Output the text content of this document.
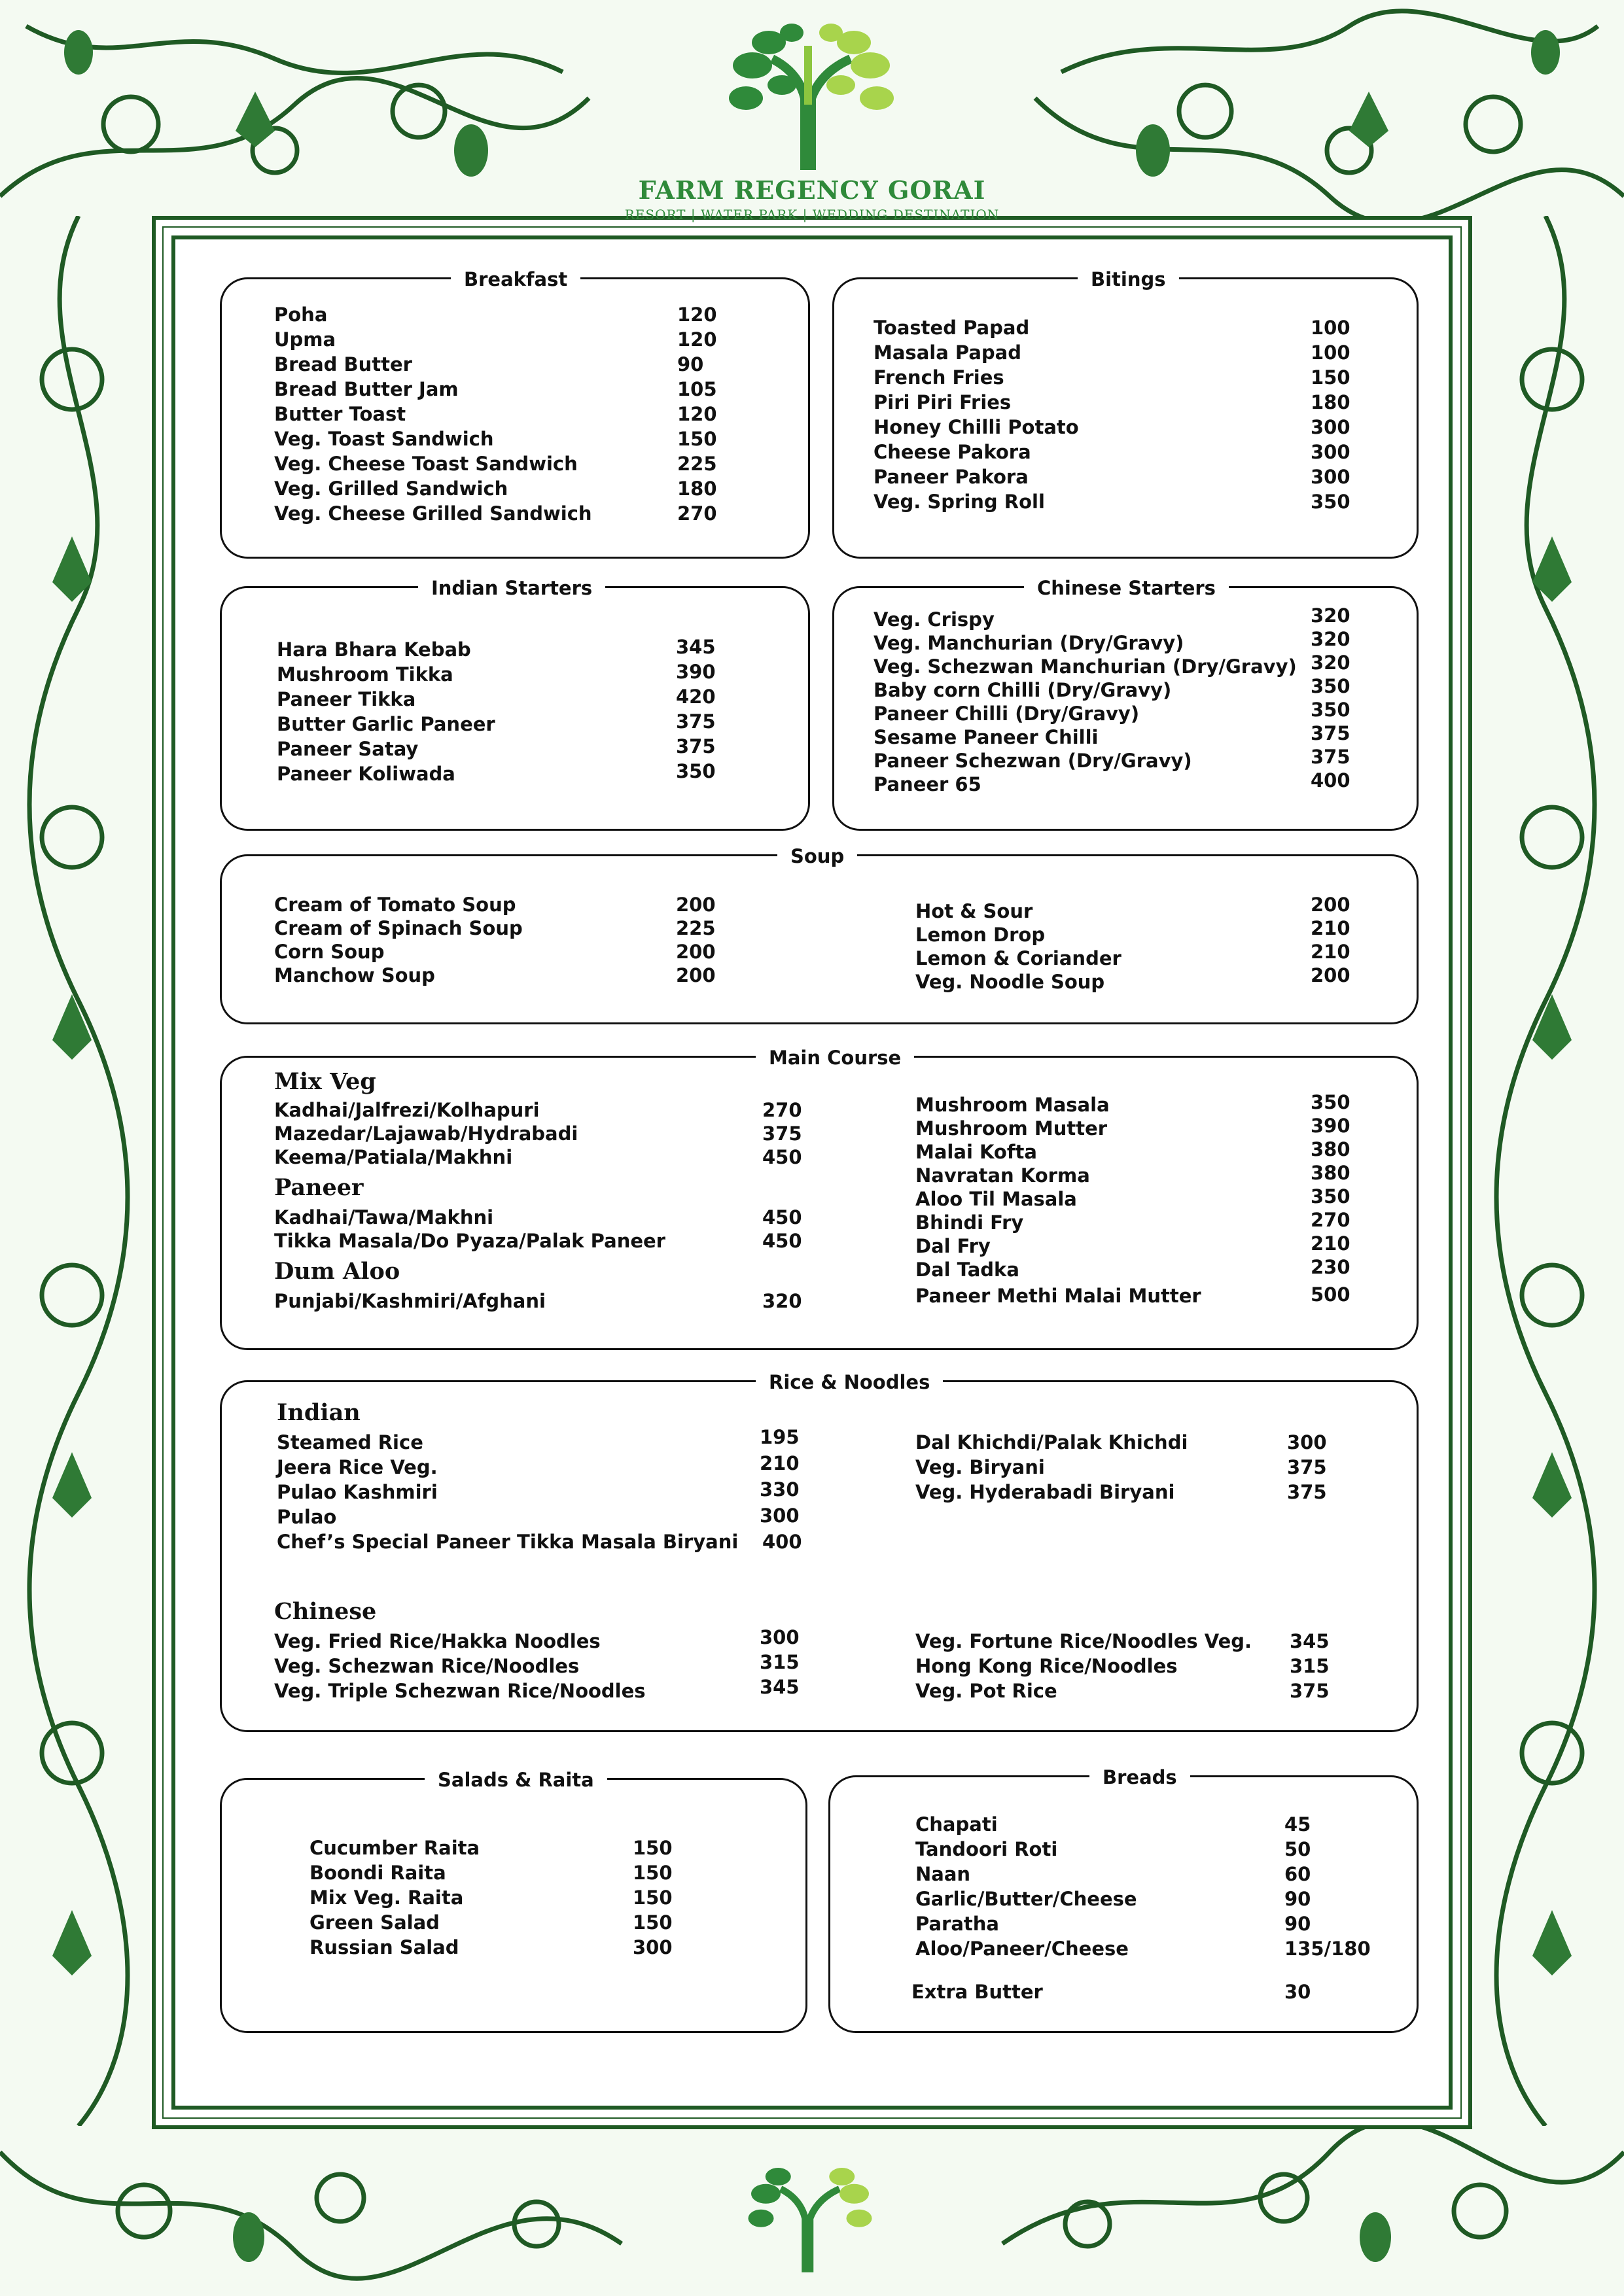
FARM REGENCY GORAI
RESORT | WATER PARK | WEDDING DESTINATION
Breakfast
Poha	120
Upma	120
Bread Butter	90
Bread Butter Jam	105
Butter Toast	120
Veg. Toast Sandwich	150
Veg. Cheese Toast Sandwich	225
Veg. Grilled Sandwich	180
Veg. Cheese Grilled Sandwich	270
Bitings
Toasted Papad	100
Masala Papad	100
French Fries	150
Piri Piri Fries	180
Honey Chilli Potato	300
Cheese Pakora	300
Paneer Pakora	300
Veg. Spring Roll	350
Indian Starters
Hara Bhara Kebab	345
Mushroom Tikka	390
Paneer Tikka	420
Butter Garlic Paneer	375
Paneer Satay	375
Paneer Koliwada	350
Chinese Starters
Veg. Crispy	320
Veg. Manchurian (Dry/Gravy)	320
Veg. Schezwan Manchurian (Dry/Gravy) 320
Baby corn Chilli (Dry/Gravy)	350
Paneer Chilli (Dry/Gravy)	350
Sesame Paneer Chilli	375
Paneer Schezwan (Dry/Gravy)	375
Paneer 65	400
Soup
Cream of Tomato Soup	200
Cream of Spinach Soup	225
Corn Soup	200
Manchow Soup	200
Hot & Sour	200
Lemon Drop	210
Lemon & Coriander	210
Veg. Noodle Soup	200
Main Course
Mix Veg
Kadhai/Jalfrezi/Kolhapuri	270
Mazedar/Lajawab/Hydrabadi	375
Keema/Patiala/Makhni	450
Paneer
Kadhai/Tawa/Makhni	450
Tikka Masala/Do Pyaza/Palak Paneer	450
Dum Aloo
Punjabi/Kashmiri/Afghani	320
Mushroom Masala	350
Mushroom Mutter	390
Malai Kofta	380
Navratan Korma	380
Aloo Til Masala	350
Bhindi Fry	270
Dal Fry	210
Dal Tadka	230
Paneer Methi Malai Mutter	500
Rice & Noodles
Indian
Steamed Rice	195
Jeera Rice Veg.	210
Pulao Kashmiri	330
Pulao	300
Chef’s Special Paneer Tikka Masala Biryani 400
Dal Khichdi/Palak Khichdi	300
Veg. Biryani	375
Veg. Hyderabadi Biryani	375
Chinese
Veg. Fried Rice/Hakka Noodles	300
Veg. Schezwan Rice/Noodles	315
Veg. Triple Schezwan Rice/Noodles	345
Veg. Fortune Rice/Noodles Veg. 345
Hong Kong Rice/Noodles	315
Veg. Pot Rice	375
Salads & Raita
Cucumber Raita	150
Boondi Raita	150
Mix Veg. Raita	150
Green Salad	150
Russian Salad	300
Breads
Chapati	45
Tandoori Roti	50
Naan	60
Garlic/Butter/Cheese	90
Paratha	90
Aloo/Paneer/Cheese	135/180
Extra Butter	30
